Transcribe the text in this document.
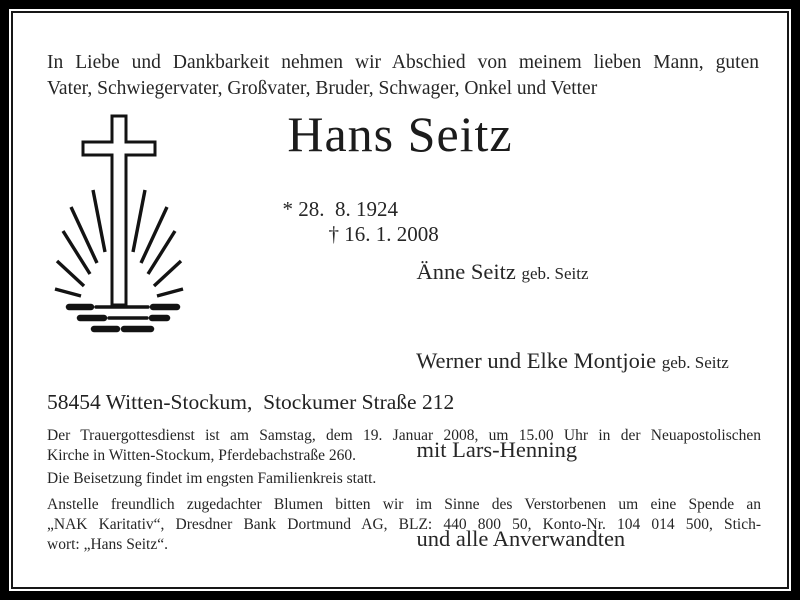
In Liebe und Dankbarkeit nehmen wir Abschied von meinem lieben Mann, guten
Vater, Schwiegervater, Großvater, Bruder, Schwager, Onkel und Vetter
Hans Seitz

* 28.  8. 1924
† 16. 1. 2008

Änne Seitz geb. Seitz

Werner und Elke Montjoie geb. Seitz

mit Lars-Henning

und alle Anverwandten

58454 Witten-Stockum,  Stockumer Straße 212
Der Trauergottesdienst ist am Samstag, dem 19. Januar 2008, um 15.00 Uhr in der Neuapostolischen
Kirche in Witten-Stockum, Pferdebachstraße 260.
Die Beisetzung findet im engsten Familienkreis statt.
Anstelle freundlich zugedachter Blumen bitten wir im Sinne des Verstorbenen um eine Spende an
„NAK Karitativ“, Dresdner Bank Dortmund AG, BLZ: 440 800 50, Konto-Nr. 104 014 500, Stich-
wort: „Hans Seitz“.
